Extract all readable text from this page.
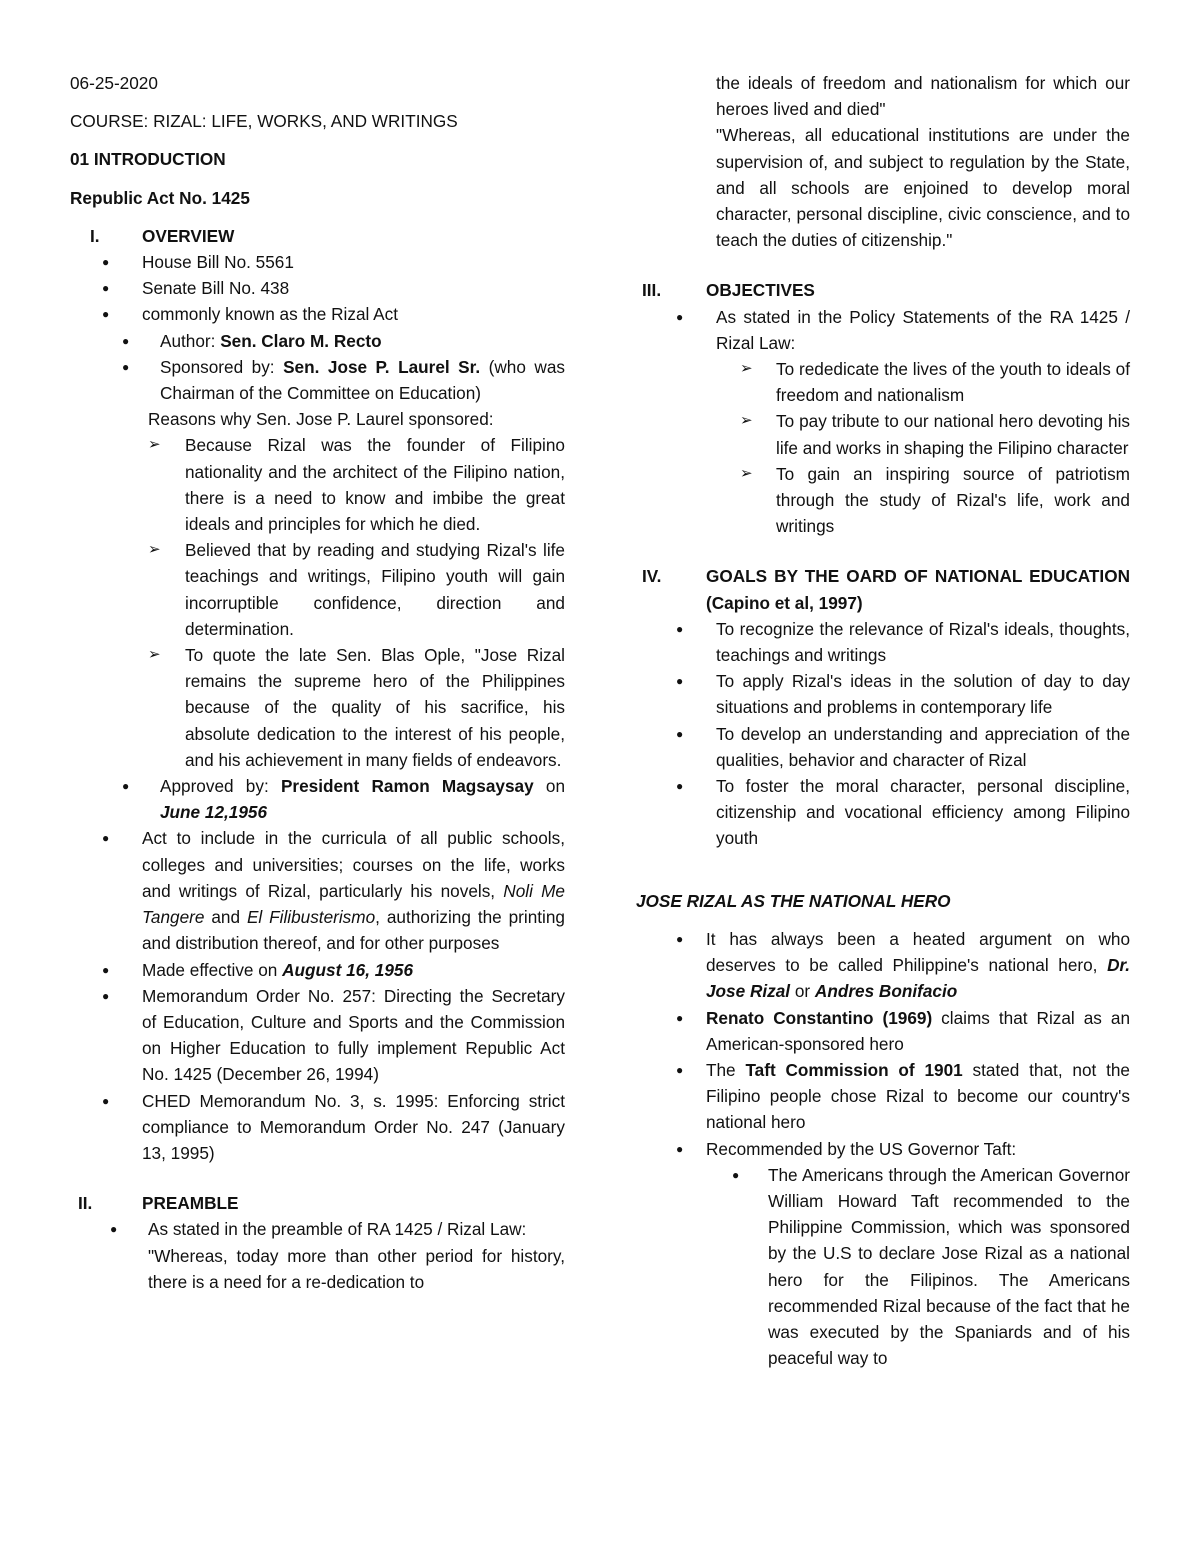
06-25-2020

COURSE: RIZAL: LIFE, WORKS, AND WRITINGS

01 INTRODUCTION

Republic Act No. 1425

I. OVERVIEW
● House Bill No. 5561

● Senate Bill No. 438

● commonly known as the Rizal Act

● Author: Sen. Claro M. Recto

● Sponsored by: Sen. Jose P. Laurel Sr. (who was Chairman of the Committee on Education)

Reasons why Sen. Jose P. Laurel sponsored:

➢ Because Rizal was the founder of Filipino nationality and the architect of the Filipino nation, there is a need to know and imbibe the great ideals and principles for which he died.

➢ Believed that by reading and studying Rizal's life teachings and writings, Filipino youth will gain incorruptible confidence, direction and determination.

➢ To quote the late Sen. Blas Ople, "Jose Rizal remains the supreme hero of the Philippines because of the quality of his sacrifice, his absolute dedication to the interest of his people, and his achievement in many fields of endeavors.

● Approved by: President Ramon Magsaysay on June 12,1956

● Act to include in the curricula of all public schools, colleges and universities; courses on the life, works and writings of Rizal, particularly his novels, Noli Me Tangere and El Filibusterismo, authorizing the printing and distribution thereof, and for other purposes

● Made effective on August 16, 1956

● Memorandum Order No. 257: Directing the Secretary of Education, Culture and Sports and the Commission on Higher Education to fully implement Republic Act No. 1425 (December 26, 1994)

● CHED Memorandum No. 3, s. 1995: Enforcing strict compliance to Memorandum Order No. 247 (January 13, 1995)

II.	PREAMBLE
● As stated in the preamble of RA 1425 / Rizal Law:

"Whereas, today more than other period for history, there is a need for a re-dedication to

the ideals of freedom and nationalism for which our heroes lived and died"

"Whereas, all educational institutions are under the supervision of, and subject to regulation by the State, and all schools are enjoined to develop moral character, personal discipline, civic conscience, and to teach the duties of citizenship."

III.	OBJECTIVES
● As stated in the Policy Statements of the RA 1425 / Rizal Law:

➢ To rededicate the lives of the youth to ideals of freedom and nationalism

➢ To pay tribute to our national hero devoting his life and works in shaping the Filipino character

➢ To gain an inspiring source of patriotism through the study of Rizal's life, work and writings

IV.	GOALS BY THE OARD OF NATIONAL EDUCATION (Capino et al, 1997)

● To recognize the relevance of Rizal's ideals, thoughts, teachings and writings

● To apply Rizal's ideas in the solution of day to day situations and problems in contemporary life

● To develop an understanding and appreciation of the qualities, behavior and character of Rizal

● To foster the moral character, personal discipline, citizenship and vocational efficiency among Filipino youth

JOSE RIZAL AS THE NATIONAL HERO

● It has always been a heated argument on who deserves to be called Philippine's national hero, Dr. Jose Rizal or Andres Bonifacio

● Renato Constantino (1969) claims that Rizal as an American-sponsored hero

● The Taft Commission of 1901 stated that, not the Filipino people chose Rizal to become our country's national hero

● Recommended by the US Governor Taft:

● The Americans through the American Governor William Howard Taft recommended to the Philippine Commission, which was sponsored by the U.S to declare Jose Rizal as a national hero for the Filipinos. The Americans recommended Rizal because of the fact that he was executed by the Spaniards and of his peaceful way to
